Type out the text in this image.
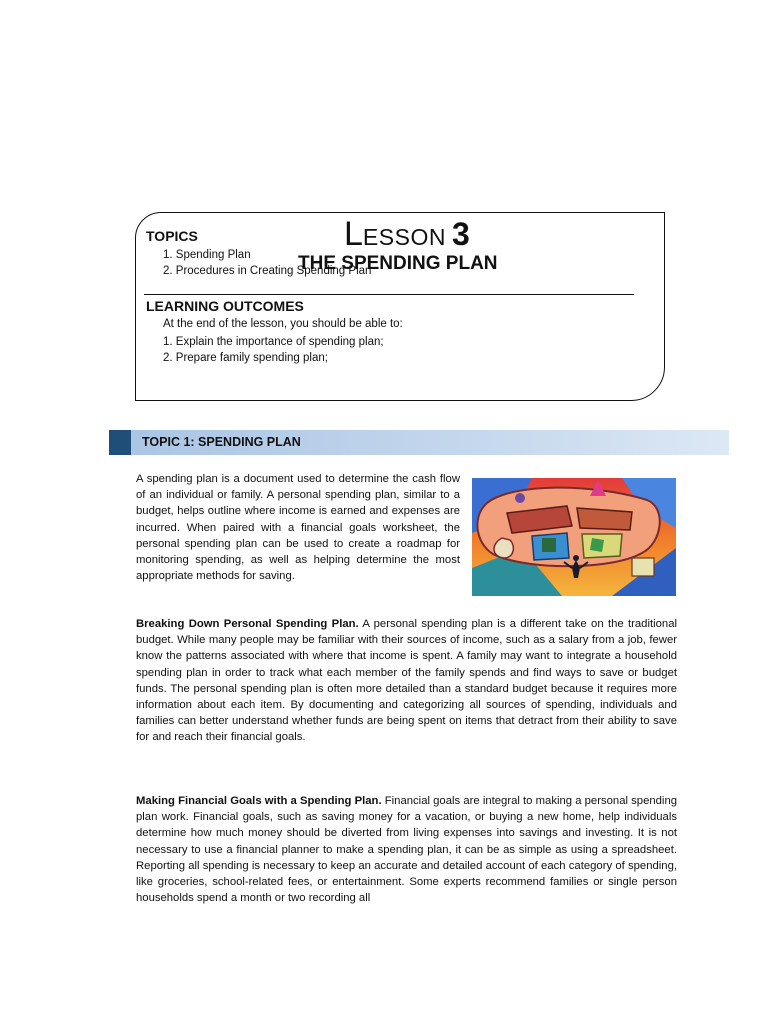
LESSON 3
THE SPENDING PLAN
TOPICS
1. Spending Plan
2. Procedures in Creating Spending Plan
LEARNING OUTCOMES
At the end of the lesson, you should be able to:
1. Explain the importance of spending plan;
2. Prepare family spending plan;
TOPIC 1: SPENDING PLAN

A spending plan is a document used to determine the cash flow of an individual or family. A personal spending plan, similar to a budget, helps outline where income is earned and expenses are incurred. When paired with a financial goals worksheet, the personal spending plan can be used to create a roadmap for monitoring spending, as well as helping determine the most appropriate methods for saving.

Breaking Down Personal Spending Plan. A personal spending plan is a different take on the traditional budget. While many people may be familiar with their sources of income, such as a salary from a job, fewer know the patterns associated with where that income is spent. A family may want to integrate a household spending plan in order to track what each member of the family spends and find ways to save or budget funds. The personal spending plan is often more detailed than a standard budget because it requires more information about each item. By documenting and categorizing all sources of spending, individuals and families can better understand whether funds are being spent on items that detract from their ability to save for and reach their financial goals.

Making Financial Goals with a Spending Plan. Financial goals are integral to making a personal spending plan work. Financial goals, such as saving money for a vacation, or buying a new home, help individuals determine how much money should be diverted from living expenses into savings and investing. It is not necessary to use a financial planner to make a spending plan, it can be as simple as using a spreadsheet. Reporting all spending is necessary to keep an accurate and detailed account of each category of spending, like groceries, school-related fees, or entertainment. Some experts recommend families or single person households spend a month or two recording all
